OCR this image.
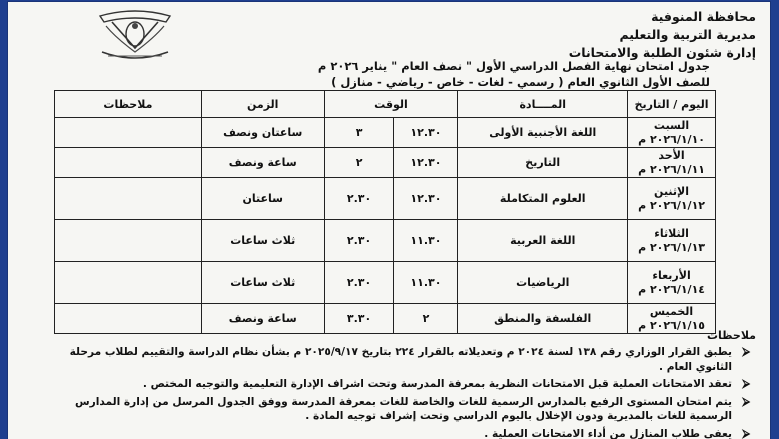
محافظة المنوفية
مديرية التربية والتعليم
إدارة شئون الطلبة والامتحانات
جدول امتحان نهاية الفصل الدراسي الأول " نصف العام " يناير ٢٠٢٦ م
للصف الأول الثانوي العام ( رسمي - لغات - خاص - رياضي - منازل )
اليوم / التاريخ	المــــادة	الوقت		الزمن	ملاحظات
السبت
٢٠٢٦/١/١٠ م	اللغة الأجنبية الأولى	١٢.٣٠	٣	ساعتان ونصف	
الأحد
٢٠٢٦/١/١١ م	التاريخ	١٢.٣٠	٢	ساعة ونصف	
الإثنين
٢٠٢٦/١/١٢ م	العلوم المتكاملة	١٢.٣٠	٢.٣٠	ساعتان	
الثلاثاء
٢٠٢٦/١/١٣ م	اللغة العربية	١١.٣٠	٢.٣٠	ثلاث ساعات	
الأربعاء
٢٠٢٦/١/١٤ م	الرياضيات	١١.٣٠	٢.٣٠	ثلاث ساعات	
الخميس
٢٠٢٦/١/١٥ م	الفلسفة والمنطق	٢	٣.٣٠	ساعة ونصف	
ملاحظات
⮚
يطبق القرار الوزاري رقم ١٣٨ لسنة ٢٠٢٤ م وتعديلاته بالقرار ٢٢٤ بتاريخ ٢٠٢٥/٩/١٧ م بشأن نظام الدراسة والتقييم لطلاب مرحلة الثانوي العام .
⮚
تعقد الامتحانات العملية قبل الامتحانات النظرية بمعرفة المدرسة وتحت اشراف الإدارة التعليمية والتوجيه المختص .
⮚
يتم امتحان المستوى الرفيع بالمدارس الرسمية للغات والخاصة للغات بمعرفة المدرسة ووفق الجدول المرسل من إدارة المدارس الرسمية للغات بالمديرية ودون الإخلال باليوم الدراسي وتحت إشراف توجيه المادة .
⮚
يعفى طلاب المنازل من أداء الامتحانات العملية .
